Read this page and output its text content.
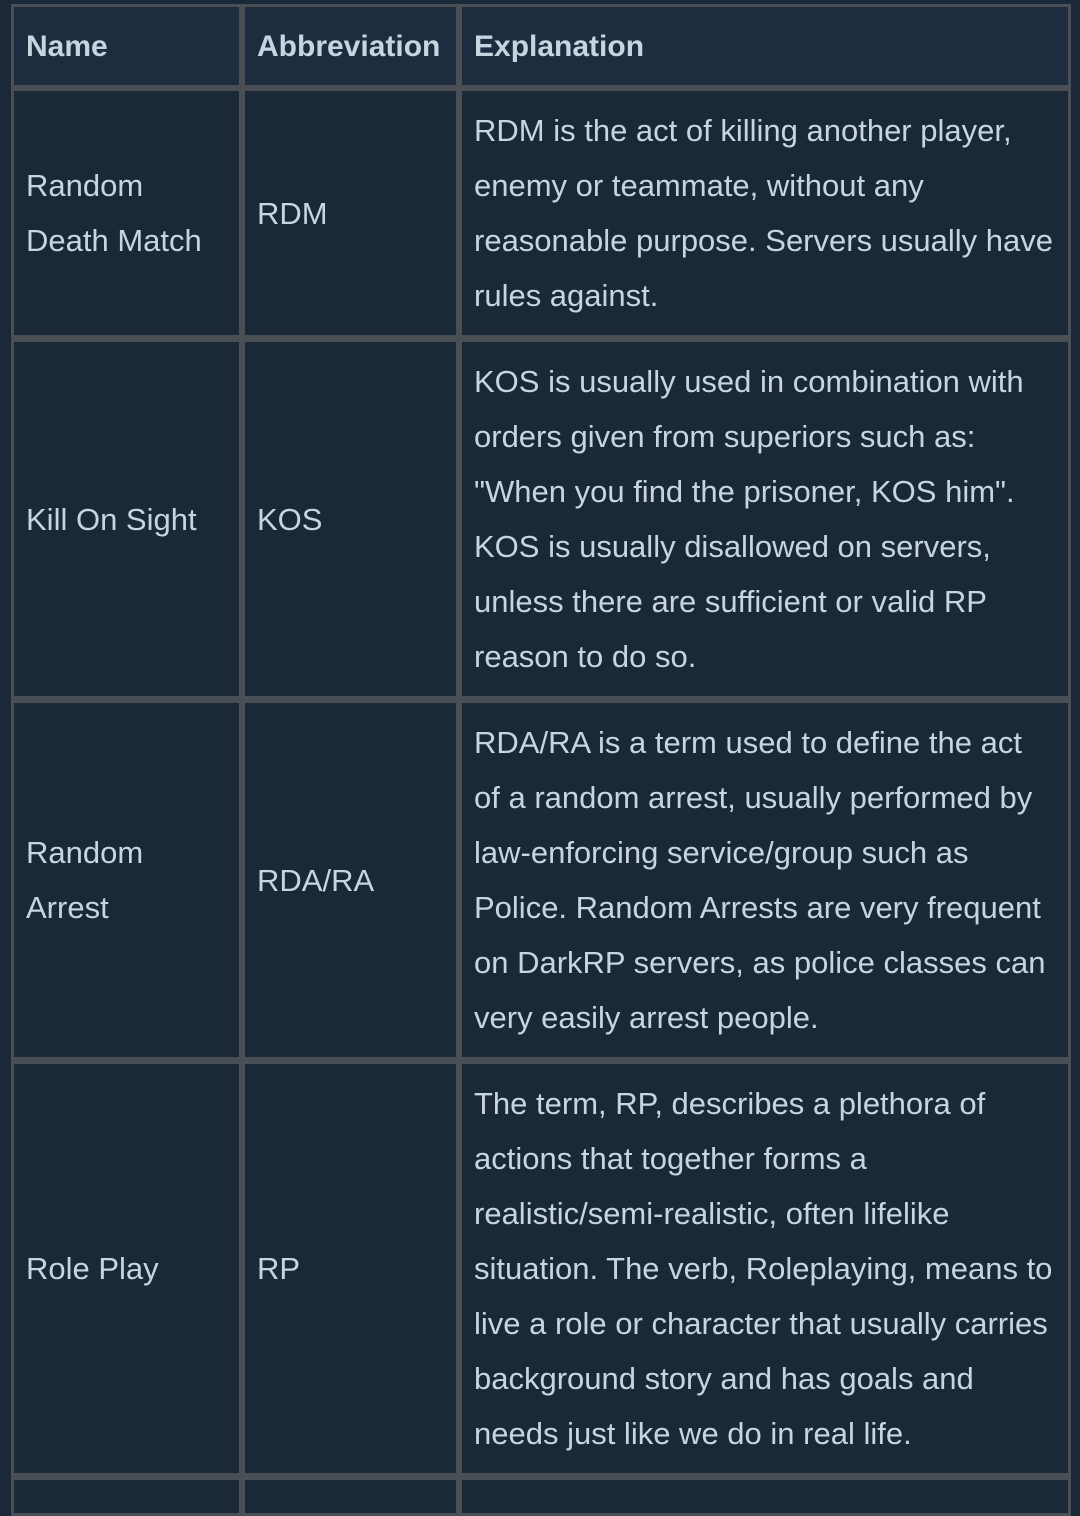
Name	Abbreviation	Explanation
Random Death Match	RDM	RDM is the act of killing another player, enemy or teammate, without any reasonable purpose. Servers usually have rules against.
Kill On Sight	KOS	KOS is usually used in combination with orders given from superiors such as: "When you find the prisoner, KOS him". KOS is usually disallowed on servers, unless there are sufficient or valid RP reason to do so.
Random Arrest	RDA/RA	RDA/RA is a term used to define the act of a random arrest, usually performed by law-enforcing service/group such as Police. Random Arrests are very frequent on DarkRP servers, as police classes can very easily arrest people.
Role Play	RP	The term, RP, describes a plethora of actions that together forms a realistic/semi-realistic, often lifelike situation. The verb, Roleplaying, means to live a role or character that usually carries background story and has goals and needs just like we do in real life.
